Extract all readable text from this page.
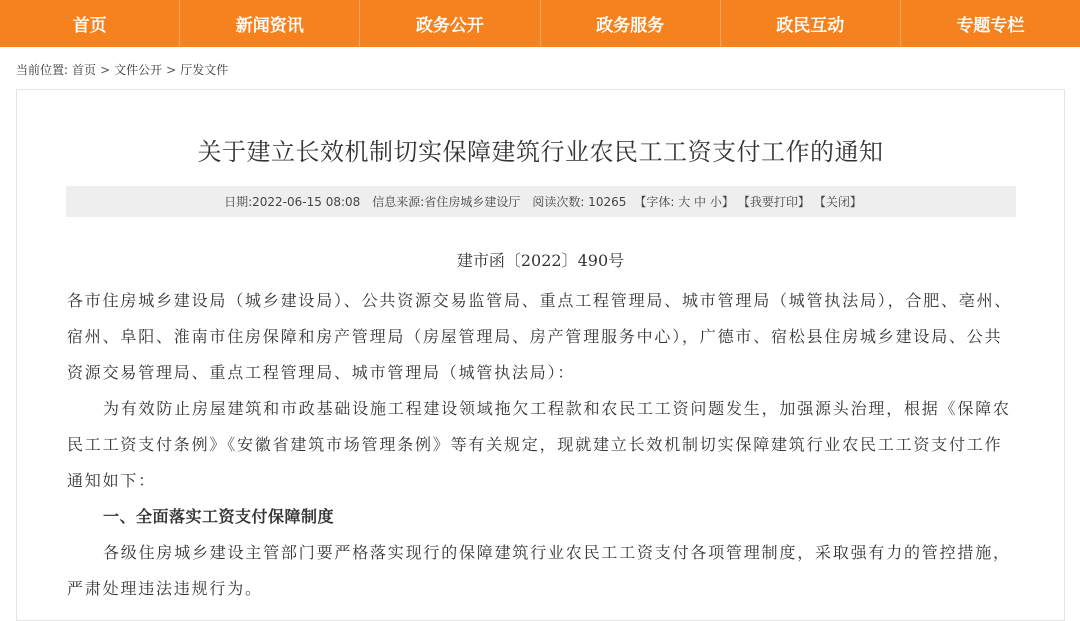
首页	新闻资讯	政务公开	政务服务	政民互动	专题专栏
当前位置: 首页 > 文件公开 > 厅发文件
关于建立长效机制切实保障建筑行业农民工工资支付工作的通知
日期:2022-06-15 08:08 信息来源:省住房城乡建设厅 阅读次数: 10265 【字体: 大 中 小】 【我要打印】 【关闭】
建市函〔2022〕490号

各市住房城乡建设局（城乡建设局）、公共资源交易监管局、重点工程管理局、城市管理局（城管执法局），合肥、亳州、宿州、阜阳、淮南市住房保障和房产管理局（房屋管理局、房产管理服务中心），广德市、宿松县住房城乡建设局、公共资源交易管理局、重点工程管理局、城市管理局（城管执法局）：

为有效防止房屋建筑和市政基础设施工程建设领域拖欠工程款和农民工工资问题发生，加强源头治理，根据《保障农民工工资支付条例》《安徽省建筑市场管理条例》等有关规定，现就建立长效机制切实保障建筑行业农民工工资支付工作通知如下：

一、全面落实工资支付保障制度

各级住房城乡建设主管部门要严格落实现行的保障建筑行业农民工工资支付各项管理制度，采取强有力的管控措施，严肃处理违法违规行为。
